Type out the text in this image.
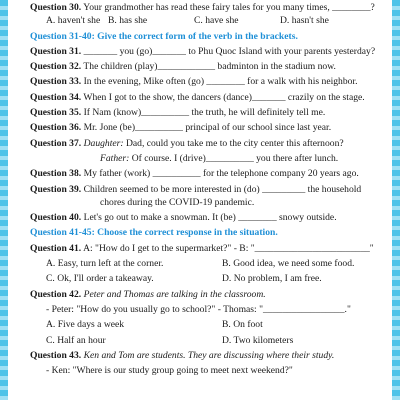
Question 30. Your grandmother has read these fairy tales for you many times, ________?
A. haven't she B. has she	C. have she	D. hasn't she
Question 31-40: Give the correct form of the verb in the brackets.
Question 31. _______ you (go)_______ to Phu Quoc Island with your parents yesterday?
Question 32. The children (play)____________ badminton in the stadium now.
Question 33. In the evening, Mike often (go) ________ for a walk with his neighbor.
Question 34. When I got to the show, the dancers (dance)_______ crazily on the stage.
Question 35. If Nam (know)__________ the truth, he will definitely tell me.
Question 36. Mr. Jone (be)__________ principal of our school since last year.
Question 37. Daughter: Dad, could you take me to the city center this afternoon?
Father: Of course. I (drive)__________ you there after lunch.
Question 38. My father (work) __________ for the telephone company 20 years ago.
Question 39. Children seemed to be more interested in (do) _________ the household
chores during the COVID-19 pandemic.
Question 40. Let's go out to make a snowman. It (be) ________ snowy outside.
Question 41-45: Choose the correct response in the situation.
Question 41. A: "How do I get to the supermarket?" - B: "________________________"
A. Easy, turn left at the corner.	B. Good idea, we need some food.
C. Ok, I'll order a takeaway.	D. No problem, I am free.
Question 42. Peter and Thomas are talking in the classroom.
- Peter: "How do you usually go to school?" - Thomas: "_________________."
A. Five days a week	B. On foot
C. Half an hour	D. Two kilometers
Question 43. Ken and Tom are students. They are discussing where their study.
- Ken: "Where is our study group going to meet next weekend?"
